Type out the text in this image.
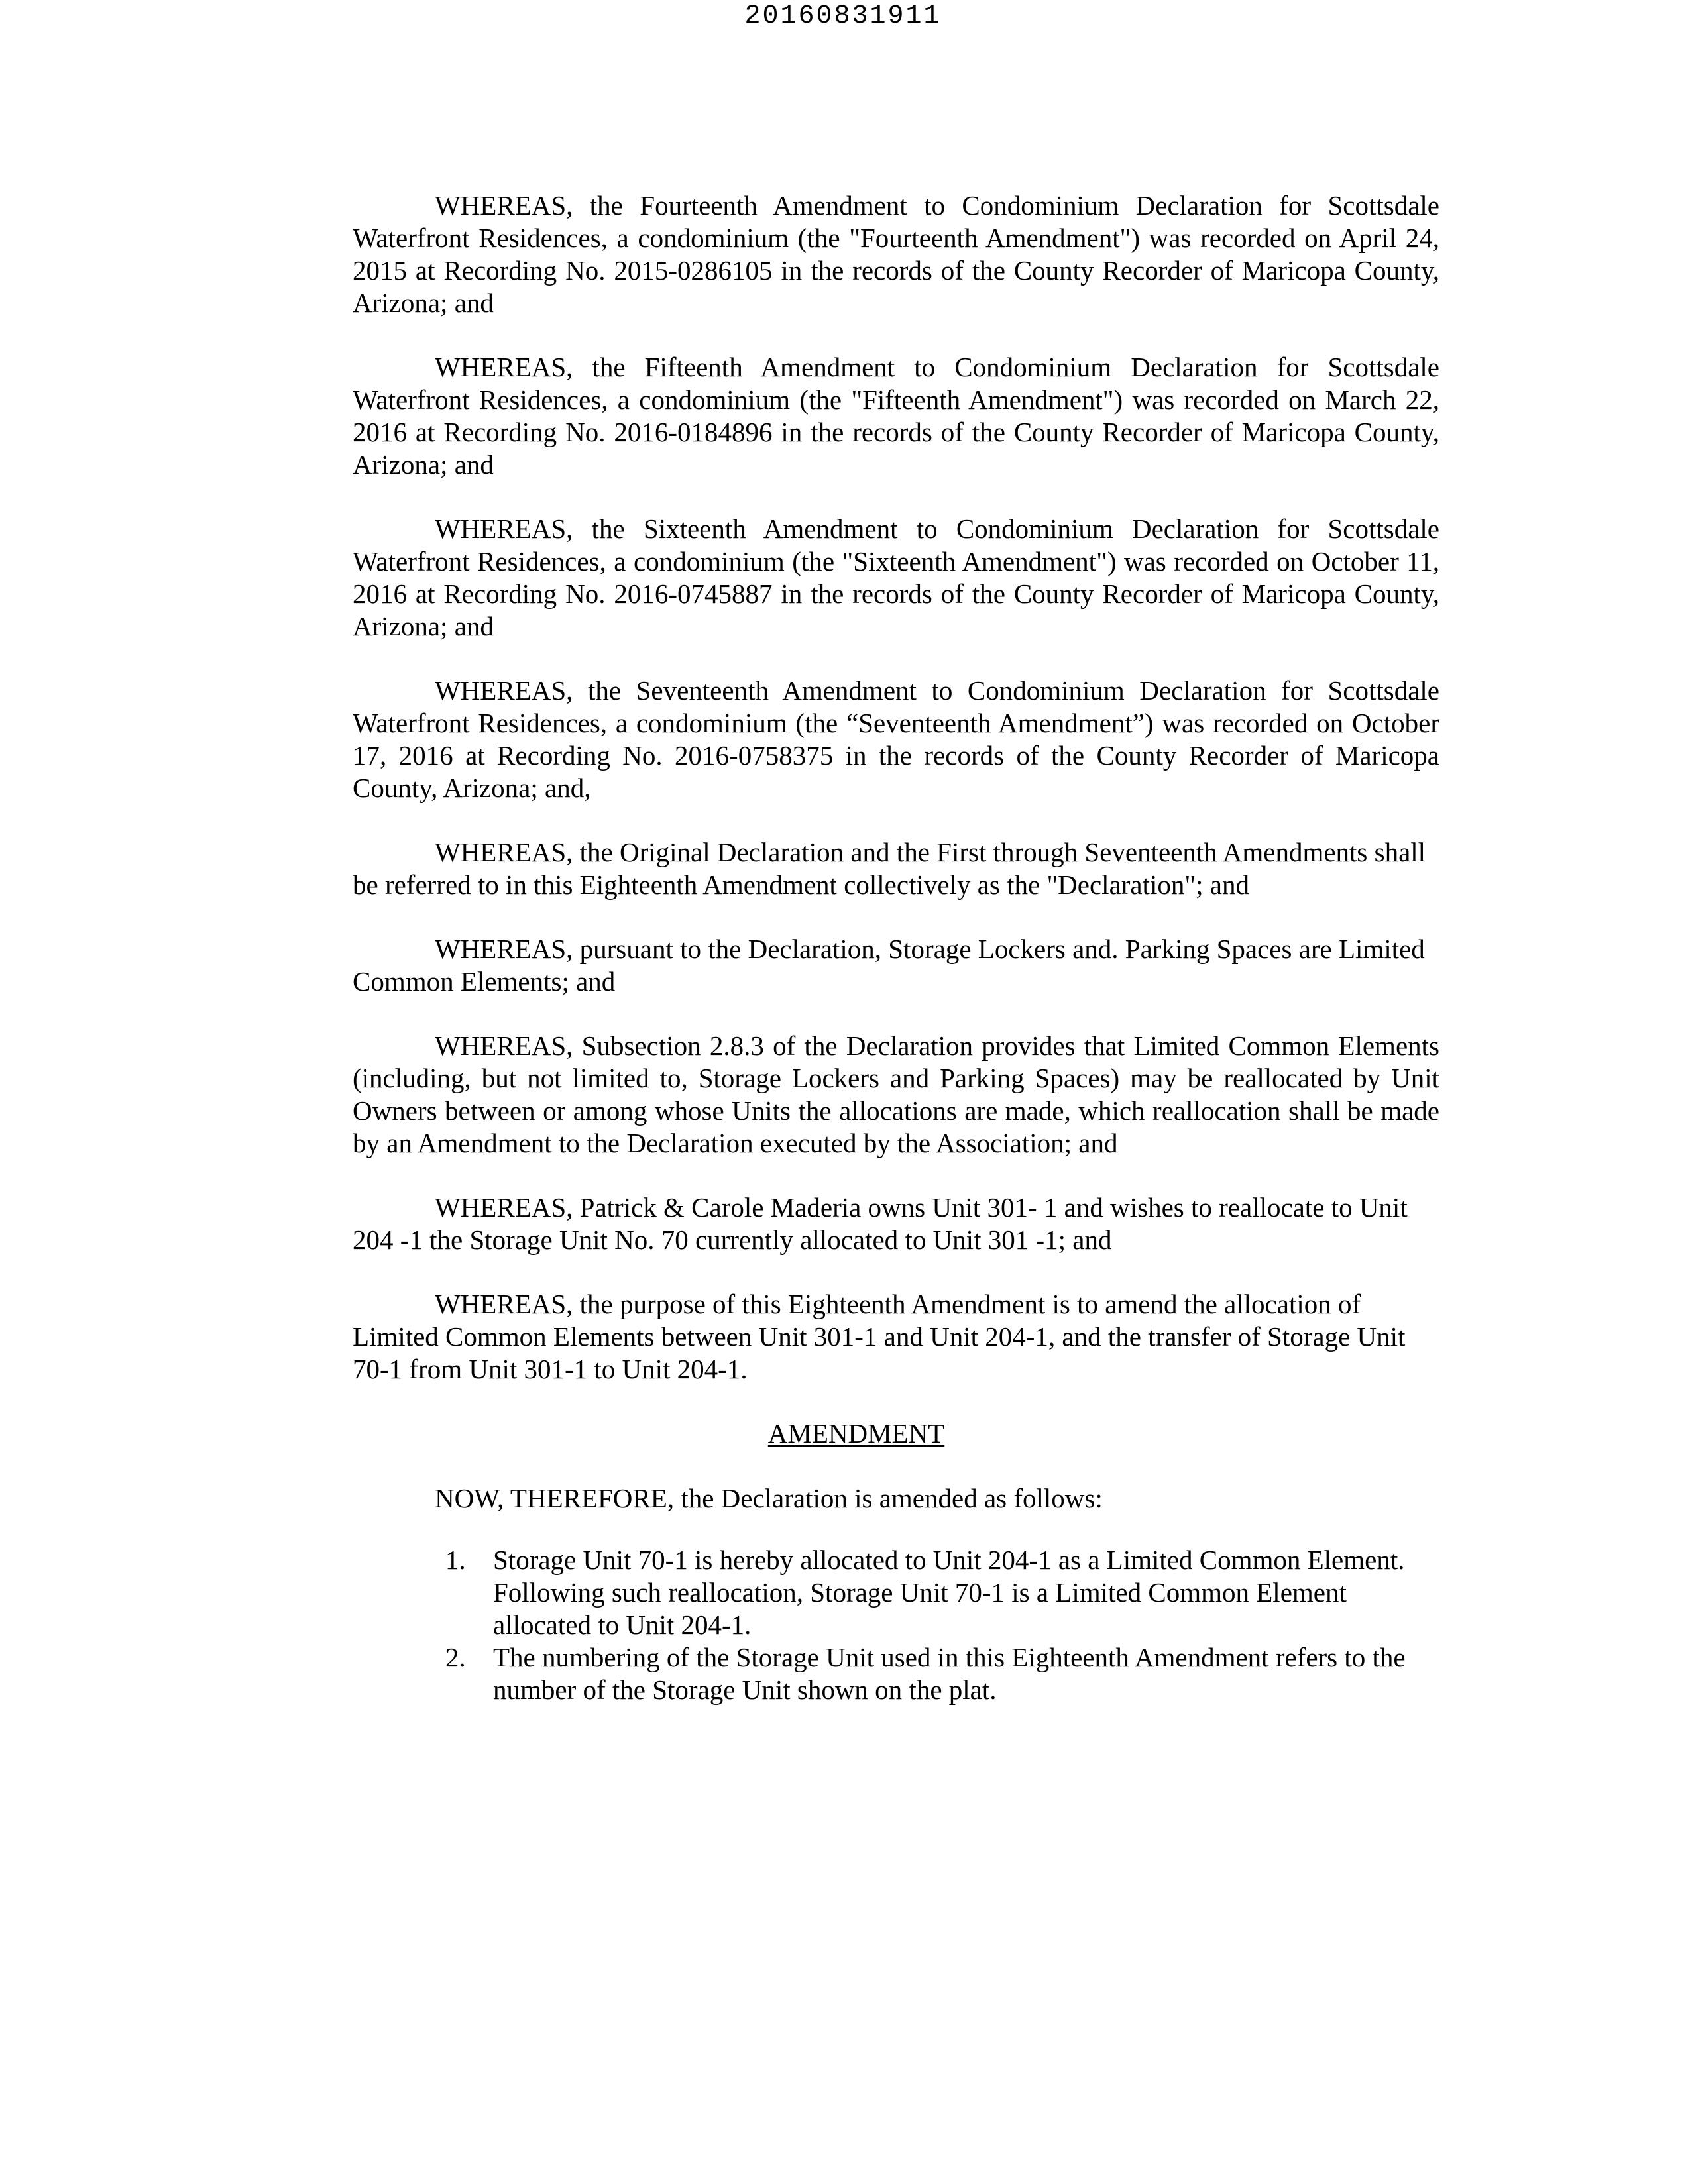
20160831911

WHEREAS, the Fourteenth Amendment to Condominium Declaration for Scottsdale Waterfront Residences, a condominium (the "Fourteenth Amendment") was recorded on April 24, 2015 at Recording No. 2015-0286105 in the records of the County Recorder of Maricopa County, Arizona; and

WHEREAS, the Fifteenth Amendment to Condominium Declaration for Scottsdale Waterfront Residences, a condominium (the "Fifteenth Amendment") was recorded on March 22, 2016 at Recording No. 2016-0184896 in the records of the County Recorder of Maricopa County, Arizona; and

WHEREAS, the Sixteenth Amendment to Condominium Declaration for Scottsdale Waterfront Residences, a condominium (the "Sixteenth Amendment") was recorded on October 11, 2016 at Recording No. 2016-0745887 in the records of the County Recorder of Maricopa County, Arizona; and

WHEREAS, the Seventeenth Amendment to Condominium Declaration for Scottsdale Waterfront Residences, a condominium (the “Seventeenth Amendment”) was recorded on October 17, 2016 at Recording No. 2016-0758375 in the records of the County Recorder of Maricopa County, Arizona; and,

WHEREAS, the Original Declaration and the First through Seventeenth Amendments shall be referred to in this Eighteenth Amendment collectively as the "Declaration"; and

WHEREAS, pursuant to the Declaration, Storage Lockers and. Parking Spaces are Limited Common Elements; and

WHEREAS, Subsection 2.8.3 of the Declaration provides that Limited Common Elements (including, but not limited to, Storage Lockers and Parking Spaces) may be reallocated by Unit Owners between or among whose Units the allocations are made, which reallocation shall be made by an Amendment to the Declaration executed by the Association; and

WHEREAS, Patrick & Carole Maderia owns Unit 301- 1 and wishes to reallocate to Unit 204 -1 the Storage Unit No. 70 currently allocated to Unit 301 -1; and

WHEREAS, the purpose of this Eighteenth Amendment is to amend the allocation of Limited Common Elements between Unit 301-1 and Unit 204-1, and the transfer of Storage Unit 70-1 from Unit 301-1 to Unit 204-1.

AMENDMENT

NOW, THEREFORE, the Declaration is amended as follows:

1. Storage Unit 70-1 is hereby allocated to Unit 204-1 as a Limited Common Element. Following such reallocation, Storage Unit 70-1 is a Limited Common Element allocated to Unit 204-1.
2. The numbering of the Storage Unit used in this Eighteenth Amendment refers to the number of the Storage Unit shown on the plat.
